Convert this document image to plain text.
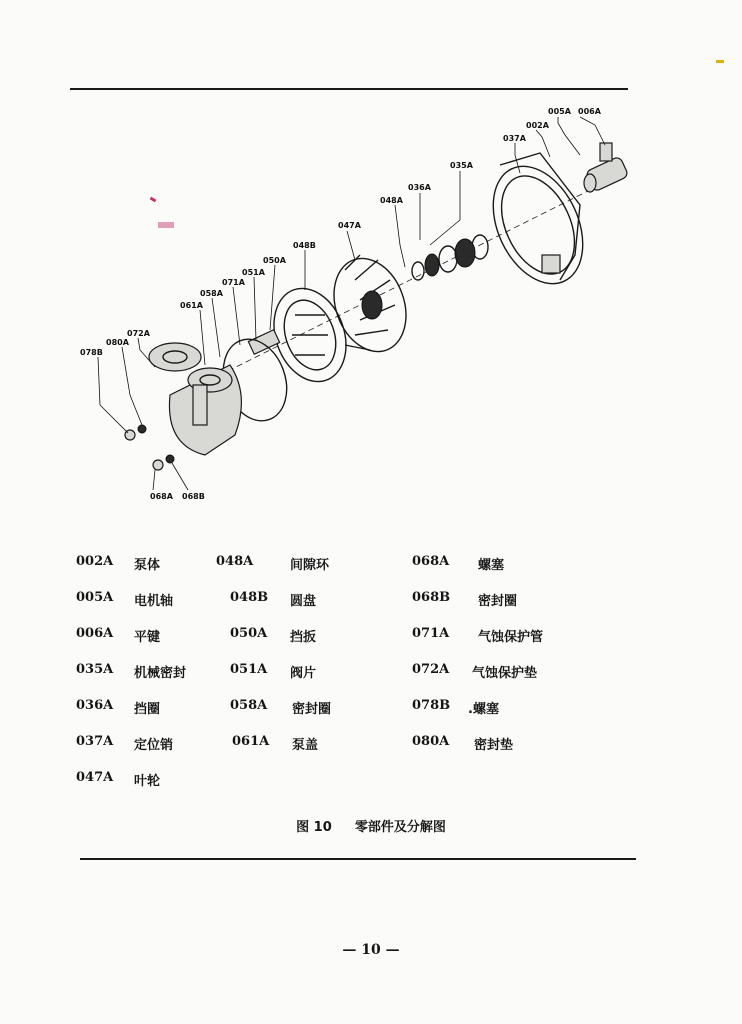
005A 006A
002A
037A
035A
036A
048A
047A
048B
050A
051A
071A
058A
061A
072A
080A
078B
068A 068B
002A 泵体
005A 电机轴
006A 平键
035A 机械密封
036A 挡圈
037A 定位销
047A 叶轮
048A	间隙环
048B 圆盘
050A 挡扳
051A 阀片
058A 密封圈
061A 泵盖
068A 螺塞
068B 密封圈
071A 气蚀保护管
072A 气蚀保护垫
078B .螺塞
080A 密封垫
图 10 零部件及分解图
— 10 —
